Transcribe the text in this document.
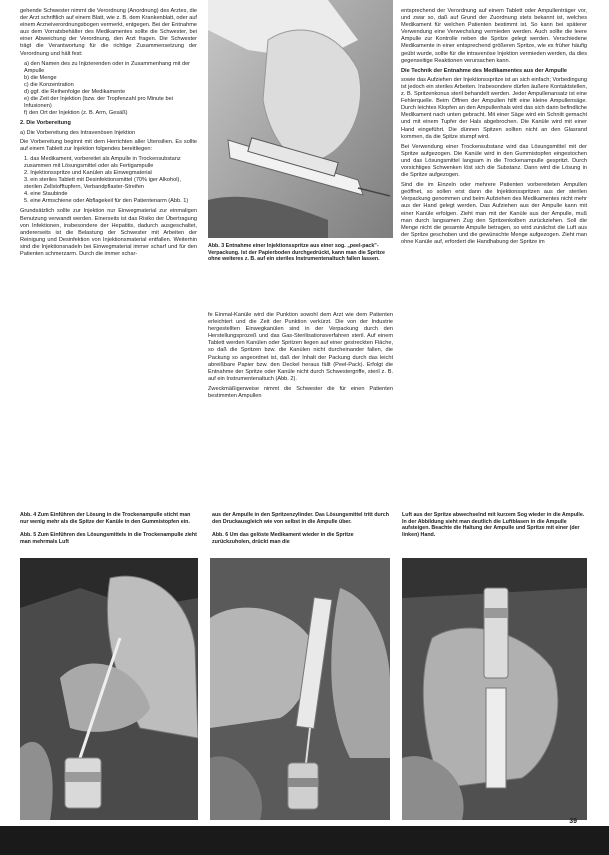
gehende Schwester nimmt die Verordnung (Anordnung) des Arztes, die der Arzt schriftlich auf einem Blatt, wie z. B. dem Krankenblatt, oder auf einem Arzneiverordnungsbogen vermerkt, entgegen. Bei der Entnahme aus dem Vorratsbehälter des Medikamentes sollte die Schwester, bei einer Abweichung der Verordnung, den Arzt fragen. Die Schwester trägt die Verantwortung für die richtige Zusammensetzung der Verordnung und hält fest:

a) den Namen des zu Injizierenden oder in Zusammenhang mit der Ampulle
b) die Menge
c) die Konzentration
d) ggf. die Reihenfolge der Medikamente
e) die Zeit der Injektion (bzw. der Tropfenzahl pro Minute bei Infusionen)
f) den Ort der Injektion (z. B. Arm, Gesäß)
2. Die Vorbereitung
a) Die Vorbereitung des Intravenösen Injektion

Die Vorbereitung beginnt mit dem Herrichten aller Utensilien. Es sollte auf einem Tablett zur Injektion folgendes bereitliegen:

1. das Medikament, vorbereitet als Ampulle in Trockensubstanz zusammen mit Lösungsmittel oder als Fertigampulle
2. Injektionsspritze und Kanülen als Einwegmaterial
3. ein steriles Tablett mit Desinfektionsmittel (70% iger Alkohol), sterilen Zellstofftupfern, Verbandpflaster-Streifen
4. eine Staubinde
5. eine Armschiene oder Abflagekeil für den Patientenarm (Abb. 1)

Grundsätzlich sollte zur Injektion nur Einwegmaterial zur einmaligen Benutzung verwandt werden. Einerseits ist das Risiko der Übertragung von Infektionen, insbesondere der Hepatitis, dadurch ausgeschaltet, andererseits ist die Belastung der Schwester mit Arbeiten der Reinigung und Desinfektion von Injektionsmaterial entfallen. Weiterhin sind die Injektionsnadeln bei Einwegmaterial immer scharf und für den Patienten schmerzarm. Durch die immer schar-

Abb. 3 Entnahme einer Injektionsspritze aus einer sog. „peel-pack"-Verpackung. Ist der Papierboden durchgedrückt, kann man die Spritze ohne weiteres z. B. auf ein steriles Instrumentenaltuch fallen lassen.

fe Einmal-Kanüle wird die Punktion sowohl dem Arzt wie dem Patienten erleichtert und die Zeit der Punktion verkürzt. Die von der Industrie hergestellten Einwegkanülen sind in der Verpackung durch den Herstellungsprozeß und das Gas-Sterilisationsverfahren steril. Auf einem Tablett werden Kanülen oder Spritzen liegen auf einer gestreckten Fläche, so daß die Spritzen bzw. die Kanülen nicht durcheinander fallen, die Packung so angeordnet ist, daß der Inhalt der Packung durch das leicht abreißbare Papier bzw. den Deckel heraus fällt (Peel-Pack). Erfolgt die Entnahme der Spritze oder Kanüle nicht durch Schwestergriffe, steril z. B. auf ein Instrumentenaltuch (Abb. 2).

Zweckmäßigerweise nimmt die Schwester die für einen Patienten bestimmten Ampullen

entsprechend der Verordnung auf einem Tablett oder Ampullenträger vor, und zwar so, daß auf Grund der Zuordnung stets bekannt ist, welches Medikament für welchen Patienten bestimmt ist. So kann bei späterer Verwendung eine Verwechslung vermieden werden. Auch sollte die leere Ampulle zur Kontrolle neben die Spritze gelegt werden. Verschiedene Medikamente in einer entsprechend größeren Spritze, wie es früher häufig geübt wurde, sollte für die intravenöse Injektion vermieden werden, da dies gegenseitige Reaktionen verursachen kann.

Die Technik der Entnahme des Medikamentes aus der Ampulle

sowie das Aufziehen der Injektionsspritze ist an sich einfach; Vorbedingung ist jedoch ein steriles Arbeiten. Insbesondere dürfen äußere Kontaktstellen, z. B. Spritzenkonus steril behandelt werden. Jeder Ampullenansatz ist eine Fehlerquelle. Beim Öffnen der Ampullen hilft eine kleine Ampullensäge. Durch leichtes Klopfen an den Ampullenhals wird das sich darin befindliche Medikament nach unten gebracht. Mit einer Säge wird ein Schnitt gemacht und mit einem Tupfer der Hals abgebrochen. Die Kanüle wird mit einer Hand eingeführt. Die dünnen Spitzen sollten nicht an den Glasrand kommen, da die Spitze stumpf wird.

Bei Verwendung einer Trockensubstanz wird das Lösungsmittel mit der Spritze aufgezogen. Die Kanüle wird in den Gummistopfen eingestochen und das Lösungsmittel langsam in die Trockenampulle gespritzt. Durch vorsichtiges Schwenken löst sich die Substanz. Dann wird die Lösung in die Spritze aufgezogen.

Sind die im Einzeln oder mehrere Patienten vorbereiteten Ampullen geöffnet, so sollen erst dann die Injektionsspritzen aus der sterilen Verpackung genommen und beim Aufziehen des Medikamentes nicht mehr aus der Hand gelegt werden. Das Aufziehen aus der Ampulle kann mit einer Kanüle erfolgen. Zieht man mit der Kanüle aus der Ampulle, muß man durch langsamen Zug den Spritzenkolben zurückziehen. Soll die Menge nicht die gesamte Ampulle betragen, so wird zunächst die Luft aus der Spritze geschoben und die gewünschte Menge aufgezogen. Zieht man ohne Kanüle auf, erfordert die Handhabung der Spritze im

Abb. 4 Zum Einführen der Lösung in die Trockenampulle sticht man nur wenig mehr als die Spitze der Kanüle in den Gummistopfen ein.
Abb. 5 Zum Einführen des Lösungsmittels in die Trockenampulle zieht man mehrmals Luft
aus der Ampulle in den Spritzenzylinder. Das Lösungsmittel tritt durch den Druckausgleich wie von selbst in die Ampulle über.
Abb. 6 Um das gelöste Medikament wieder in die Spritze zurückzuholen, drückt man die
Luft aus der Spritze abwechselnd mit kurzem Sog wieder in die Ampulle. In der Abbildung sieht man deutlich die Luftblasen in die Ampulle aufsteigen. Beachte die Haltung der Ampulle und Spritze mit einer (der linken) Hand.
39
